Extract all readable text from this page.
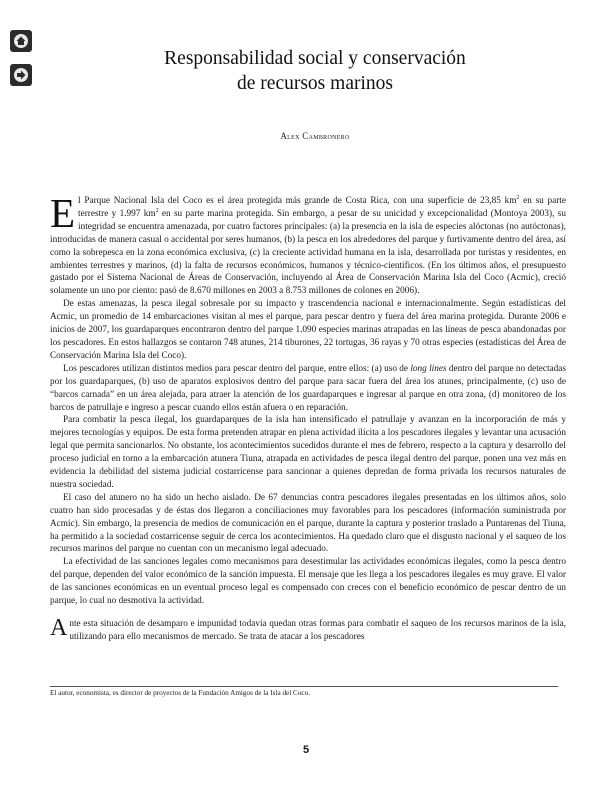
Responsabilidad social y conservación
de recursos marinos
Alex Cambronero

El Parque Nacional Isla del Coco es el área protegida más grande de Costa Rica, con una superficie de 23,85 $km^2$ en su parte terrestre y 1.997 $km^2$ en su parte marina protegida. Sin embargo, a pesar de su unicidad y excepcionalidad (Montoya 2003), su integridad se encuentra amenazada, por cuatro factores principales: (a) la presencia en la isla de especies alóctonas (no autóctonas), introducidas de manera casual o accidental por seres humanos, (b) la pesca en los alrededores del parque y furtivamente dentro del área, así como la sobrepesca en la zona económica exclusiva, (c) la creciente actividad humana en la isla, desarrollada por turistas y residentes, en ambientes terrestres y marinos, (d) la falta de recursos económicos, humanos y técnico-científicos. (En los últimos años, el presupuesto gastado por el Sistema Nacional de Áreas de Conservación, incluyendo al Área de Conservación Marina Isla del Coco (Acmic), creció solamente un uno por ciento: pasó de 8.670 millones en 2003 a 8.753 millones de colones en 2006).

De estas amenazas, la pesca ilegal sobresale por su impacto y trascendencia nacional e internacionalmente. Según estadísticas del Acmic, un promedio de 14 embarcaciones visitan al mes el parque, para pescar dentro y fuera del área marina protegida. Durante 2006 e inicios de 2007, los guardaparques encontraron dentro del parque 1.090 especies marinas atrapadas en las líneas de pesca abandonadas por los pescadores. En estos hallazgos se contaron 748 atunes, 214 tiburones, 22 tortugas, 36 rayas y 70 otras especies (estadísticas del Área de Conservación Marina Isla del Coco).

Los pescadores utilizan distintos medios para pescar dentro del parque, entre ellos: (a) uso de long lines dentro del parque no detectadas por los guardaparques, (b) uso de aparatos explosivos dentro del parque para sacar fuera del área los atunes, principalmente, (c) uso de “barcos carnada” en un área alejada, para atraer la atención de los guardaparques e ingresar al parque en otra zona, (d) monitoreo de los barcos de patrullaje e ingreso a pescar cuando ellos están afuera o en reparación.

Para combatir la pesca ilegal, los guardaparques de la isla han intensificado el patrullaje y avanzan en la incorporación de más y mejores tecnologías y equipos. De esta forma pretenden atrapar en plena actividad ilícita a los pescadores ilegales y levantar una acusación legal que permita sancionarlos. No obstante, los acontecimientos sucedidos durante el mes de febrero, respecto a la captura y desarrollo del proceso judicial en torno a la embarcación atunera Tiuna, atrapada en actividades de pesca ilegal dentro del parque, ponen una vez más en evidencia la debilidad del sistema judicial costarricense para sancionar a quienes depredan de forma privada los recursos naturales de nuestra sociedad.

El caso del atunero no ha sido un hecho aislado. De 67 denuncias contra pescadores ilegales presentadas en los últimos años, solo cuatro han sido procesadas y de éstas dos llegaron a conciliaciones muy favorables para los pescadores (información suministrada por Acmic). Sin embargo, la presencia de medios de comunicación en el parque, durante la captura y posterior traslado a Puntarenas del Tiuna, ha permitido a la sociedad costarricense seguir de cerca los acontecimientos. Ha quedado claro que el disgusto nacional y el saqueo de los recursos marinos del parque no cuentan con un mecanismo legal adecuado.

La efectividad de las sanciones legales como mecanismos para desestimular las actividades económicas ilegales, como la pesca dentro del parque, dependen del valor económico de la sanción impuesta. El mensaje que les llega a los pescadores ilegales es muy grave. El valor de las sanciones económicas en un eventual proceso legal es compensado con creces con el beneficio económico de pescar dentro de un parque, lo cual no desmotiva la actividad.

Ante esta situación de desamparo e impunidad todavía quedan otras formas para combatir el saqueo de los recursos marinos de la isla, utilizando para ello mecanismos de mercado. Se trata de atacar a los pescadores

El autor, economista, es director de proyectos de la Fundación Amigos de la Isla del Coco.
5
